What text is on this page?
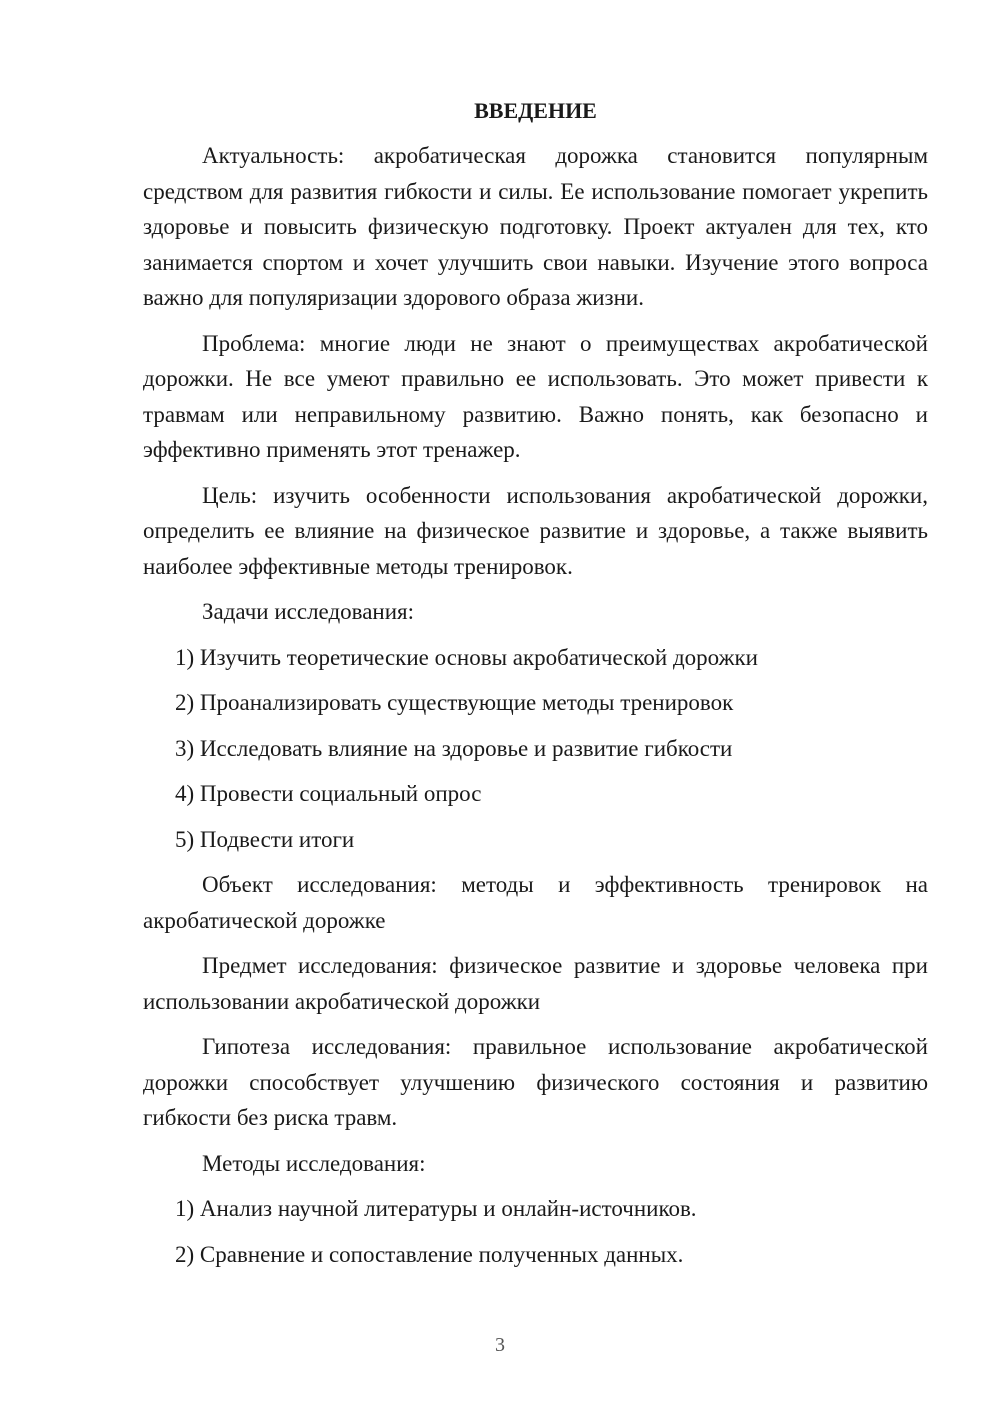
ВВЕДЕНИЕ

Актуальность: акробатическая дорожка становится популярным средством для развития гибкости и силы. Ее использование помогает укрепить здоровье и повысить физическую подготовку. Проект актуален для тех, кто занимается спортом и хочет улучшить свои навыки. Изучение этого вопроса важно для популяризации здорового образа жизни.

Проблема: многие люди не знают о преимуществах акробатической дорожки. Не все умеют правильно ее использовать. Это может привести к травмам или неправильному развитию. Важно понять, как безопасно и эффективно применять этот тренажер.

Цель: изучить особенности использования акробатической дорожки, определить ее влияние на физическое развитие и здоровье, а также выявить наиболее эффективные методы тренировок.

Задачи исследования:
1) Изучить теоретические основы акробатической дорожки
2) Проанализировать существующие методы тренировок
3) Исследовать влияние на здоровье и развитие гибкости
4) Провести социальный опрос
5) Подвести итоги

Объект исследования: методы и эффективность тренировок на акробатической дорожке

Предмет исследования: физическое развитие и здоровье человека при использовании акробатической дорожки

Гипотеза исследования: правильное использование акробатической дорожки способствует улучшению физического состояния и развитию гибкости без риска травм.

Методы исследования:
1) Анализ научной литературы и онлайн-источников.
2) Сравнение и сопоставление полученных данных.
3
